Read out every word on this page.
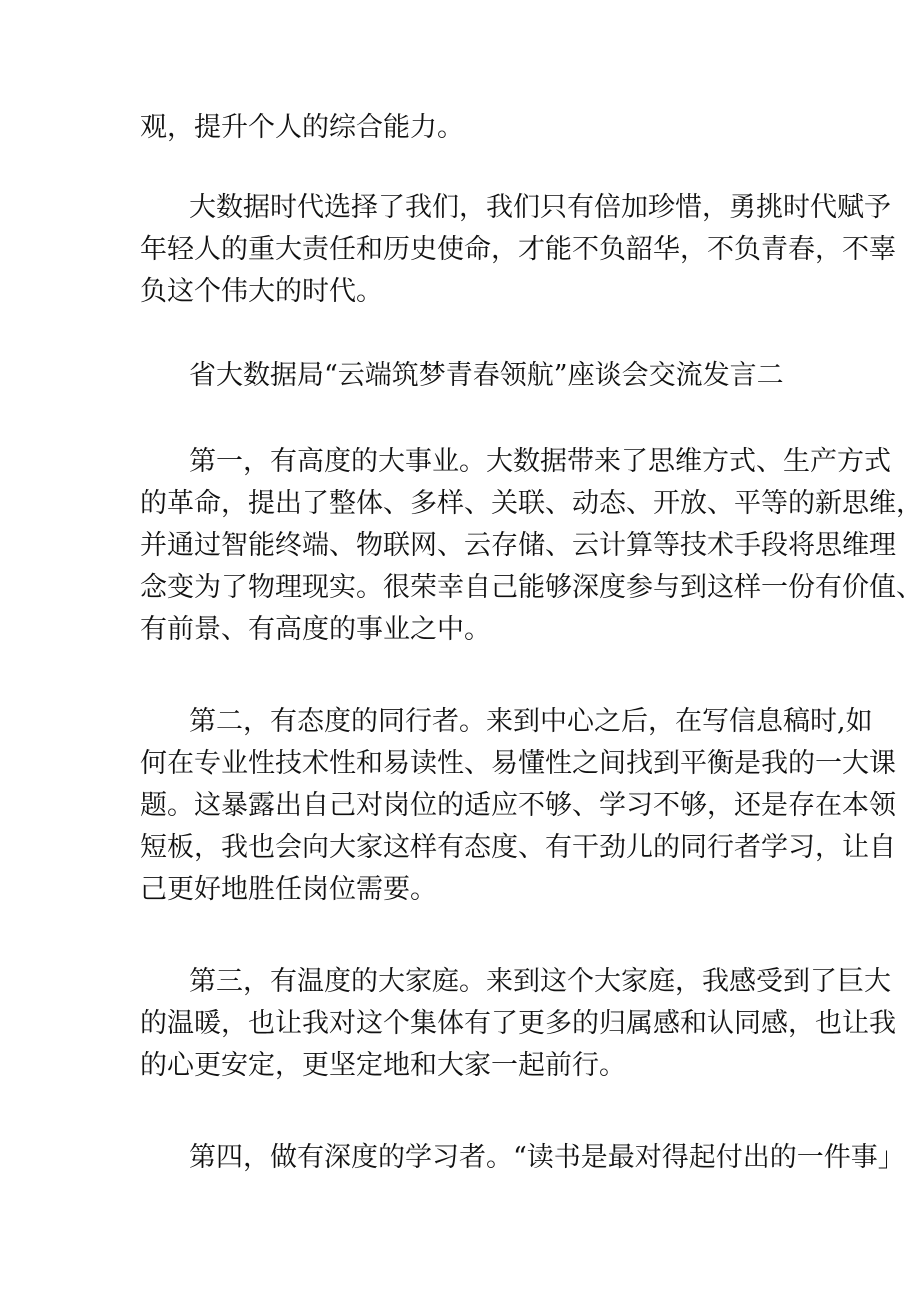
观，提升个人的综合能力。
大数据时代选择了我们，我们只有倍加珍惜，勇挑时代赋予
年轻人的重大责任和历史使命，才能不负韶华，不负青春，不辜
负这个伟大的时代。
省大数据局“云端筑梦青春领航”座谈会交流发言二
第一，有高度的大事业。大数据带来了思维方式、生产方式
的革命，提出了整体、多样、关联、动态、开放、平等的新思维，
并通过智能终端、物联网、云存储、云计算等技术手段将思维理
念变为了物理现实。很荣幸自己能够深度参与到这样一份有价值、
有前景、有高度的事业之中。
第二，有态度的同行者。来到中心之后，在写信息稿时,如
何在专业性技术性和易读性、易懂性之间找到平衡是我的一大课
题。这暴露出自己对岗位的适应不够、学习不够，还是存在本领
短板，我也会向大家这样有态度、有干劲儿的同行者学习，让自
己更好地胜任岗位需要。
第三，有温度的大家庭。来到这个大家庭，我感受到了巨大
的温暖，也让我对这个集体有了更多的归属感和认同感，也让我
的心更安定，更坚定地和大家一起前行。
第四，做有深度的学习者。“读书是最对得起付出的一件事」
